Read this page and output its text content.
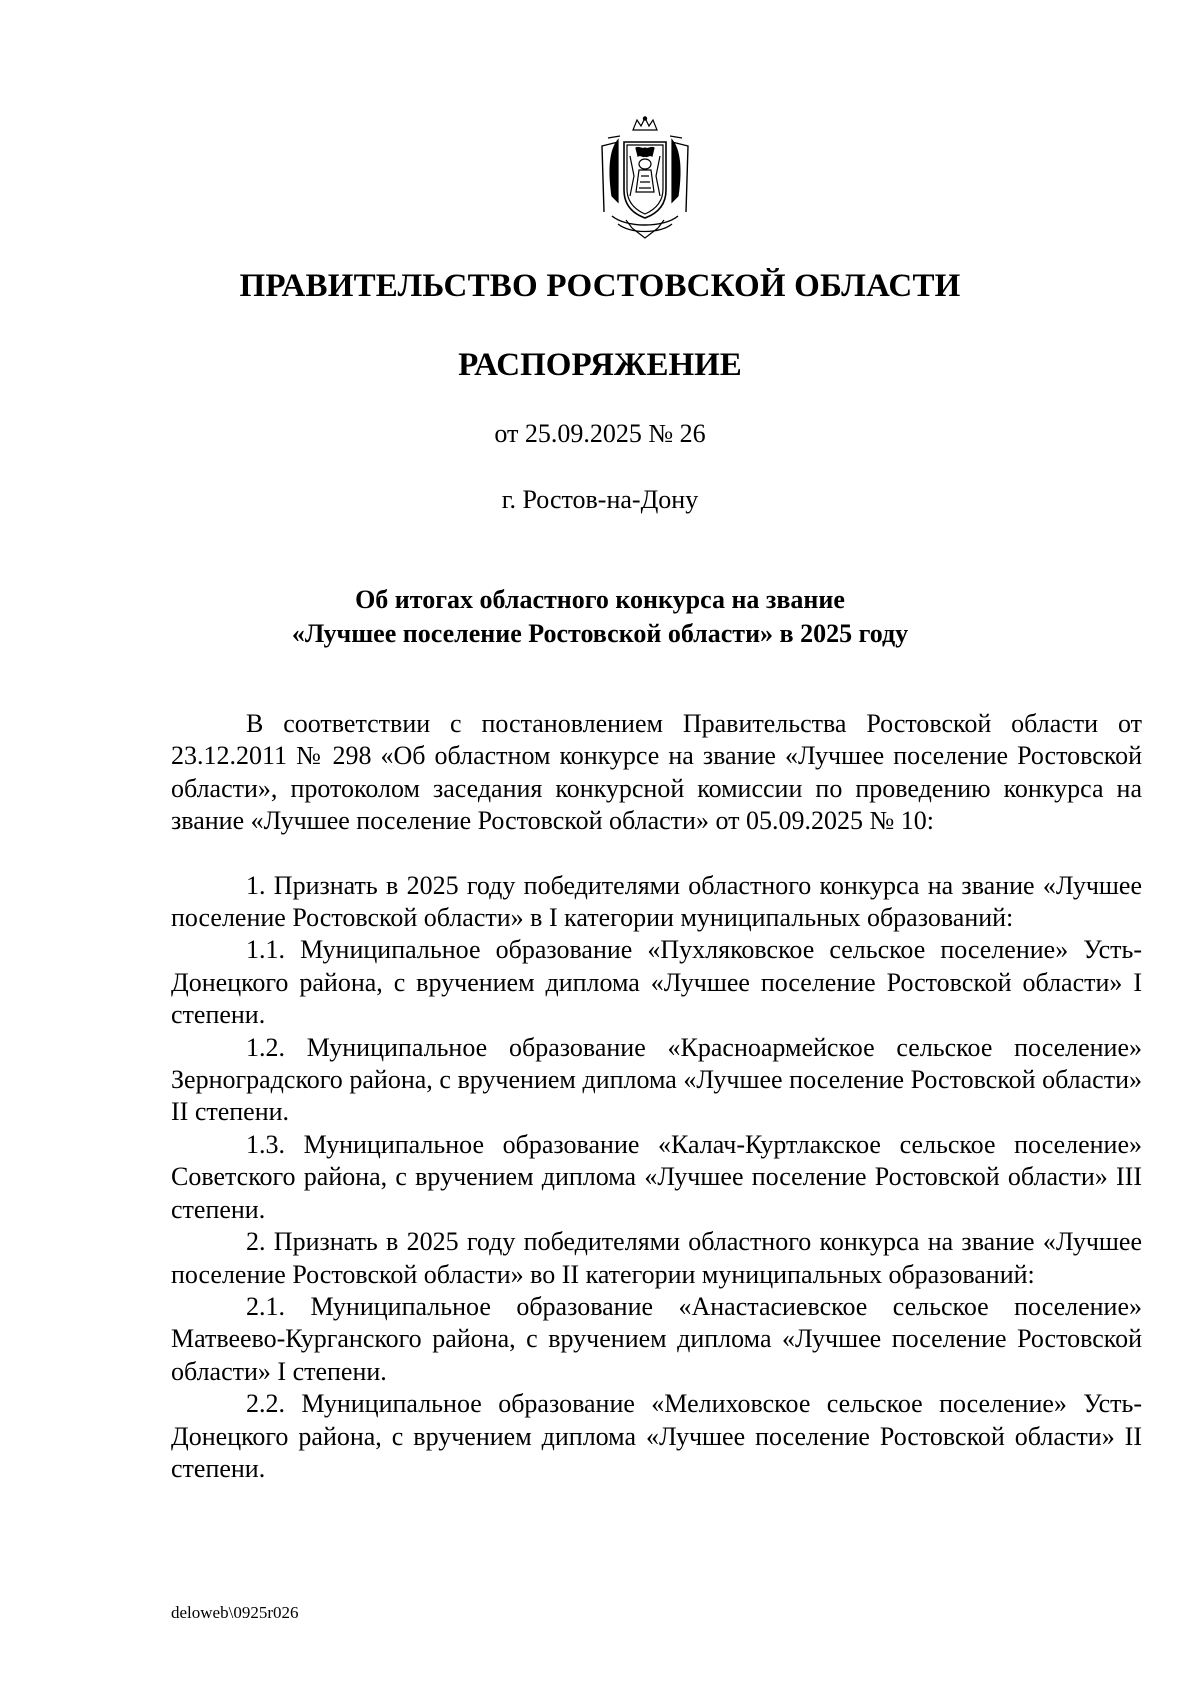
ПРАВИТЕЛЬСТВО РОСТОВСКОЙ ОБЛАСТИ
РАСПОРЯЖЕНИЕ
от 25.09.2025 № 26
г. Ростов-на-Дону
Об итогах областного конкурса на звание
«Лучшее поселение Ростовской области» в 2025 году

В соответствии с постановлением Правительства Ростовской области от 23.12.2011 № 298 «Об областном конкурсе на звание «Лучшее поселение Ростовской области», протоколом заседания конкурсной комиссии по проведению конкурса на звание «Лучшее поселение Ростовской области» от 05.09.2025 № 10:

1. Признать в 2025 году победителями областного конкурса на звание «Лучшее поселение Ростовской области» в I категории муниципальных образований:

1.1. Муниципальное образование «Пухляковское сельское поселение» Усть-Донецкого района, с вручением диплома «Лучшее поселение Ростовской области» I степени.

1.2. Муниципальное образование «Красноармейское сельское поселение» Зерноградского района, с вручением диплома «Лучшее поселение Ростовской области» II степени.

1.3. Муниципальное образование «Калач-Куртлакское сельское поселение» Советского района, с вручением диплома «Лучшее поселение Ростовской области» III степени.

2. Признать в 2025 году победителями областного конкурса на звание «Лучшее поселение Ростовской области» во II категории муниципальных образований:

2.1. Муниципальное образование «Анастасиевское сельское поселение» Матвеево-Курганского района, с вручением диплома «Лучшее поселение Ростовской области» I степени.

2.2. Муниципальное образование «Мелиховское сельское поселение» Усть-Донецкого района, с вручением диплома «Лучшее поселение Ростовской области» II степени.

deloweb\0925r026
